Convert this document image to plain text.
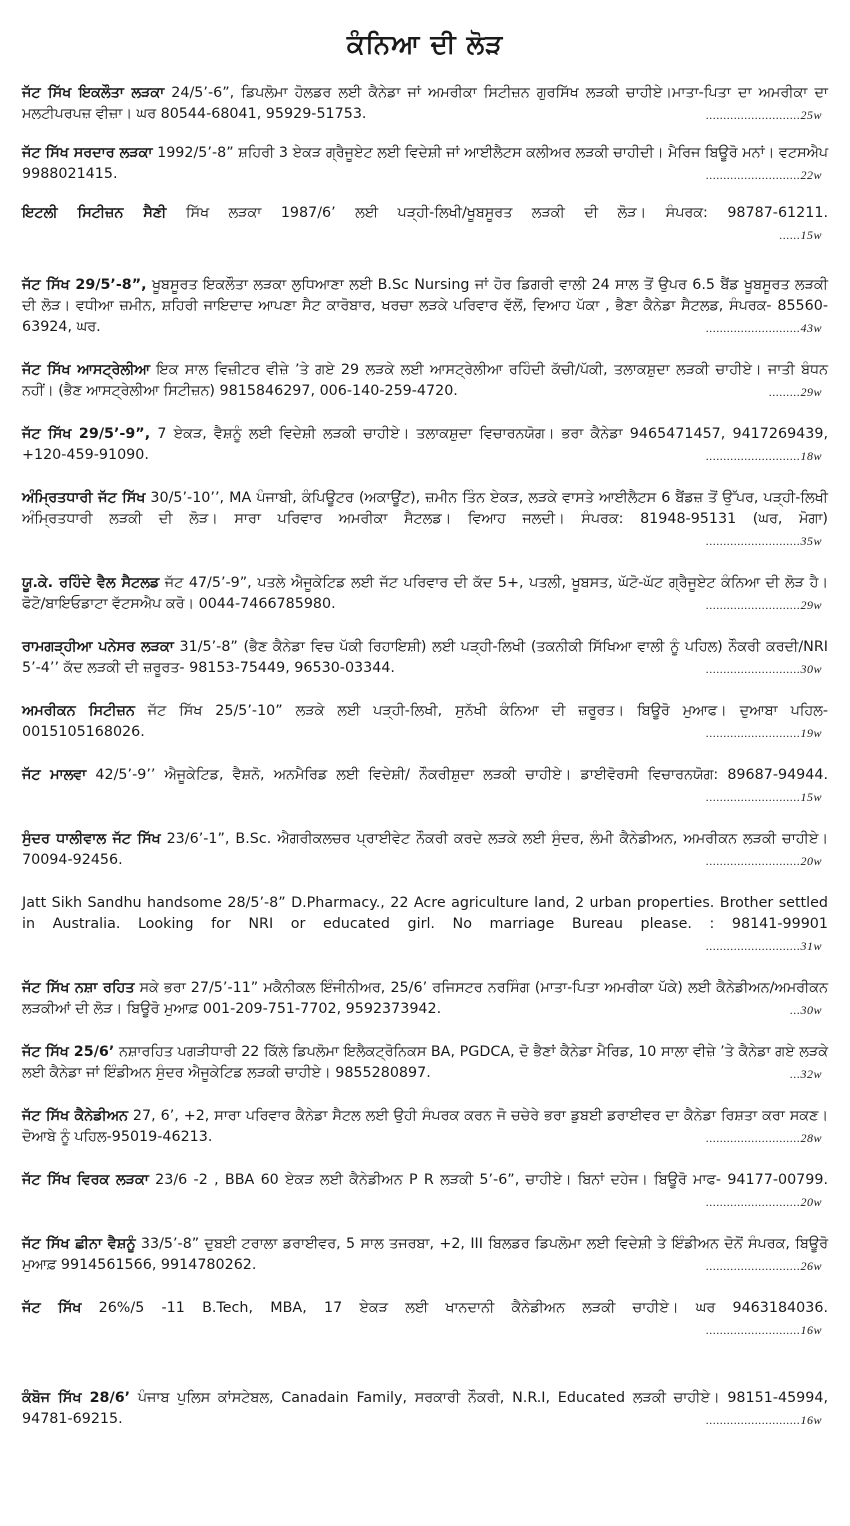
ਕੰਨਿਆ ਦੀ ਲੋੜ
ਜੱਟ ਸਿੱਖ ਇਕਲੌਤਾ ਲੜਕਾ 24/5’-6”, ਡਿਪਲੋਮਾ ਹੋਲਡਰ ਲਈ ਕੈਨੇਡਾ ਜਾਂ ਅਮਰੀਕਾ ਸਿਟੀਜ਼ਨ ਗੁਰਸਿੱਖ ਲੜਕੀ ਚਾਹੀਏ।ਮਾਤਾ-ਪਿਤਾ ਦਾ ਅਮਰੀਕਾ ਦਾ ਮਲਟੀਪਰਪਜ਼ ਵੀਜ਼ਾ। ਘਰ 80544-68041, 95929-51753.	...........................25w
ਜੱਟ ਸਿੱਖ ਸਰਦਾਰ ਲੜਕਾ 1992/5’-8” ਸ਼ਹਿਰੀ 3 ਏਕੜ ਗ੍ਰੈਜੂਏਟ ਲਈ ਵਿਦੇਸ਼ੀ ਜਾਂ ਆਈਲੈਟਸ ਕਲੀਅਰ ਲੜਕੀ ਚਾਹੀਦੀ। ਮੈਰਿਜ ਬਿਊਰੋ ਮਨਾਂ। ਵਟਸਐਪ 9988021415.	...........................22w
ਇਟਲੀ ਸਿਟੀਜ਼ਨ ਸੈਣੀ ਸਿੱਖ ਲੜਕਾ 1987/6’ ਲਈ ਪੜ੍ਹੀ-ਲਿਖੀ/ਖੂਬਸੂਰਤ ਲੜਕੀ ਦੀ ਲੋੜ। ਸੰਪਰਕ: 98787-61211.
......15w
ਜੱਟ ਸਿੱਖ 29/5’-8”, ਖੂਬਸੂਰਤ ਇਕਲੌਤਾ ਲੜਕਾ ਲੁਧਿਆਣਾ ਲਈ B.Sc Nursing ਜਾਂ ਹੋਰ ਡਿਗਰੀ ਵਾਲੀ 24 ਸਾਲ ਤੋਂ ਉਪਰ 6.5 ਬੈਂਡ ਖੂਬਸੂਰਤ ਲੜਕੀ ਦੀ ਲੋੜ। ਵਧੀਆ ਜ਼ਮੀਨ, ਸ਼ਹਿਰੀ ਜਾਇਦਾਦ ਆਪਣਾ ਸੈਟ ਕਾਰੋਬਾਰ, ਖਰਚਾ ਲੜਕੇ ਪਰਿਵਾਰ ਵੱਲੋਂ, ਵਿਆਹ ਪੱਕਾ , ਭੈਣਾ ਕੈਨੇਡਾ ਸੈਟਲਡ, ਸੰਪਰਕ- 85560-63924, ਘਰ.	...........................43w
ਜੱਟ ਸਿੱਖ ਆਸਟ੍ਰੇਲੀਆ ਇਕ ਸਾਲ ਵਿਜ਼ੀਟਰ ਵੀਜ਼ੇ ’ਤੇ ਗਏ 29 ਲੜਕੇ ਲਈ ਆਸਟ੍ਰੇਲੀਆ ਰਹਿੰਦੀ ਕੱਚੀ/ਪੱਕੀ, ਤਲਾਕਸ਼ੁਦਾ ਲੜਕੀ ਚਾਹੀਏ। ਜਾਤੀ ਬੰਧਨ ਨਹੀਂ। (ਭੈਣ ਆਸਟ੍ਰੇਲੀਆ ਸਿਟੀਜ਼ਨ) 9815846297, 006-140-259-4720.	.........29w
ਜੱਟ ਸਿੱਖ 29/5’-9”, 7 ਏਕੜ, ਵੈਸ਼ਨੂੰ ਲਈ ਵਿਦੇਸ਼ੀ ਲੜਕੀ ਚਾਹੀਏ। ਤਲਾਕਸ਼ੁਦਾ ਵਿਚਾਰਨਯੋਗ। ਭਰਾ ਕੈਨੇਡਾ 9465471457, 9417269439, +120-459-91090.	...........................18w
ਅੰਮ੍ਰਿਤਧਾਰੀ ਜੱਟ ਸਿੱਖ 30/5’-10’’, MA ਪੰਜਾਬੀ, ਕੰਪਿਊਟਰ (ਅਕਾਊਂਟ), ਜ਼ਮੀਨ ਤਿੰਨ ਏਕੜ, ਲੜਕੇ ਵਾਸਤੇ ਆਈਲੈਟਸ 6 ਬੈਂਡਜ਼ ਤੋਂ ਉੱਪਰ, ਪੜ੍ਹੀ-ਲਿਖੀ ਅੰਮ੍ਰਿਤਧਾਰੀ ਲੜਕੀ ਦੀ ਲੋੜ। ਸਾਰਾ ਪਰਿਵਾਰ ਅਮਰੀਕਾ ਸੈਟਲਡ। ਵਿਆਹ ਜਲਦੀ। ਸੰਪਰਕ: 81948-95131 (ਘਰ, ਮੋਗਾ)
...........................35w
ਯੂ.ਕੇ. ਰਹਿੰਦੇ ਵੈਲ ਸੈਟਲਡ ਜੱਟ 47/5’-9”, ਪਤਲੇ ਐਜੂਕੇਟਿਡ ਲਈ ਜੱਟ ਪਰਿਵਾਰ ਦੀ ਕੱਦ 5+, ਪਤਲੀ, ਖੂਬਸਤ, ਘੱਟੋ-ਘੱਟ ਗ੍ਰੈਜੂਏਟ ਕੰਨਿਆ ਦੀ ਲੋੜ ਹੈ। ਫੋਟੋ/ਬਾਇਓਡਾਟਾ ਵੱਟਸਐਪ ਕਰੋ। 0044-7466785980.	...........................29w
ਰਾਮਗੜ੍ਹੀਆ ਪਨੇਸਰ ਲੜਕਾ 31/5’-8” (ਭੈਣ ਕੈਨੇਡਾ ਵਿਚ ਪੱਕੀ ਰਿਹਾਇਸ਼ੀ) ਲਈ ਪੜ੍ਹੀ-ਲਿਖੀ (ਤਕਨੀਕੀ ਸਿੱਖਿਆ ਵਾਲੀ ਨੂੰ ਪਹਿਲ) ਨੌਕਰੀ ਕਰਦੀ/NRI 5’-4’’ ਕੱਦ ਲੜਕੀ ਦੀ ਜ਼ਰੂਰਤ- 98153-75449, 96530-03344.	...........................30w
ਅਮਰੀਕਨ ਸਿਟੀਜ਼ਨ ਜੱਟ ਸਿੱਖ 25/5’-10” ਲੜਕੇ ਲਈ ਪੜ੍ਹੀ-ਲਿਖੀ, ਸੁਨੱਖੀ ਕੰਨਿਆ ਦੀ ਜ਼ਰੂਰਤ। ਬਿਊਰੋ ਮੁਆਫ। ਦੁਆਬਾ ਪਹਿਲ- 0015105168026.	...........................19w
ਜੱਟ ਮਾਲਵਾ 42/5’-9’’ ਐਜੂਕੇਟਿਡ, ਵੈਸ਼ਨੋ, ਅਨਮੈਰਿਡ ਲਈ ਵਿਦੇਸ਼ੀ/ ਨੌਕਰੀਸ਼ੁਦਾ ਲੜਕੀ ਚਾਹੀਏ। ਡਾਈਵੋਰਸੀ ਵਿਚਾਰਨਯੋਗ: 89687-94944.
...........................15w
ਸੁੰਦਰ ਧਾਲੀਵਾਲ ਜੱਟ ਸਿੱਖ 23/6’-1”, B.Sc. ਐਗਰੀਕਲਚਰ ਪ੍ਰਾਈਵੇਟ ਨੌਕਰੀ ਕਰਦੇ ਲੜਕੇ ਲਈ ਸੁੰਦਰ, ਲੰਮੀ ਕੈਨੇਡੀਅਨ, ਅਮਰੀਕਨ ਲੜਕੀ ਚਾਹੀਏ। 70094-92456.	...........................20w
Jatt Sikh Sandhu handsome 28/5’-8” D.Pharmacy., 22 Acre agriculture land, 2 urban properties. Brother settled in Australia. Looking for NRI or educated girl. No marriage Bureau please. : 98141-99901
...........................31w
ਜੱਟ ਸਿੱਖ ਨਸ਼ਾ ਰਹਿਤ ਸਕੇ ਭਰਾ 27/5’-11” ਮਕੈਨੀਕਲ ਇੰਜੀਨੀਅਰ, 25/6’ ਰਜਿਸਟਰ ਨਰਸਿੰਗ (ਮਾਤਾ-ਪਿਤਾ ਅਮਰੀਕਾ ਪੱਕੇ) ਲਈ ਕੈਨੇਡੀਅਨ/ਅਮਰੀਕਨ ਲੜਕੀਆਂ ਦੀ ਲੋੜ। ਬਿਊਰੋ ਮੁਆਫ਼ 001-209-751-7702, 9592373942.	...30w
ਜੱਟ ਸਿੱਖ 25/6’ ਨਸ਼ਾਰਹਿਤ ਪਗੜੀਧਾਰੀ 22 ਕਿੱਲੇ ਡਿਪਲੋਮਾ ਇਲੈਕਟ੍ਰੋਨਿਕਸ BA, PGDCA, ਦੋ ਭੈਣਾਂ ਕੈਨੇਡਾ ਮੈਰਿਡ, 10 ਸਾਲਾ ਵੀਜ਼ੇ ’ਤੇ ਕੈਨੇਡਾ ਗਏ ਲੜਕੇ ਲਈ ਕੈਨੇਡਾ ਜਾਂ ਇੰਡੀਅਨ ਸੁੰਦਰ ਐਜੂਕੇਟਿਡ ਲੜਕੀ ਚਾਹੀਏ। 9855280897.	...32w
ਜੱਟ ਸਿੱਖ ਕੈਨੇਡੀਅਨ 27, 6’, +2, ਸਾਰਾ ਪਰਿਵਾਰ ਕੈਨੇਡਾ ਸੈਟਲ ਲਈ ਉਹੀ ਸੰਪਰਕ ਕਰਨ ਜੋ ਚਚੇਰੇ ਭਰਾ ਡੁਬਈ ਡਰਾਈਵਰ ਦਾ ਕੈਨੇਡਾ ਰਿਸ਼ਤਾ ਕਰਾ ਸਕਣ। ਦੋਆਬੇ ਨੂੰ ਪਹਿਲ-95019-46213.	...........................28w
ਜੱਟ ਸਿੱਖ ਵਿਰਕ ਲੜਕਾ 23/6 -2 , BBA 60 ਏਕੜ ਲਈ ਕੈਨੇਡੀਅਨ P R ਲੜਕੀ 5’-6”, ਚਾਹੀਏ। ਬਿਨਾਂ ਦਹੇਜ। ਬਿਊਰੋ ਮਾਫ- 94177-00799.
...........................20w
ਜੱਟ ਸਿੱਖ ਛੀਨਾ ਵੈਸ਼ਨੂੰ 33/5’-8” ਦੁਬਈ ਟਰਾਲਾ ਡਰਾਈਵਰ, 5 ਸਾਲ ਤਜਰਬਾ, +2, III ਬਿਲਡਰ ਡਿਪਲੋਮਾ ਲਈ ਵਿਦੇਸ਼ੀ ਤੇ ਇੰਡੀਅਨ ਦੋਨੋਂ ਸੰਪਰਕ, ਬਿਊਰੋ ਮੁਆਫ਼ 9914561566, 9914780262.	...........................26w
ਜੱਟ ਸਿੱਖ 26%/5 -11 B.Tech, MBA, 17 ਏਕੜ ਲਈ ਖਾਨਦਾਨੀ ਕੈਨੇਡੀਅਨ ਲੜਕੀ ਚਾਹੀਏ। ਘਰ 9463184036.
...........................16w
ਕੰਬੋਜ ਸਿੱਖ 28/6’ ਪੰਜਾਬ ਪੁਲਿਸ ਕਾਂਸਟੇਬਲ, Canadain Family, ਸਰਕਾਰੀ ਨੌਕਰੀ, N.R.I, Educated ਲੜਕੀ ਚਾਹੀਏ। 98151-45994, 94781-69215.	...........................16w
